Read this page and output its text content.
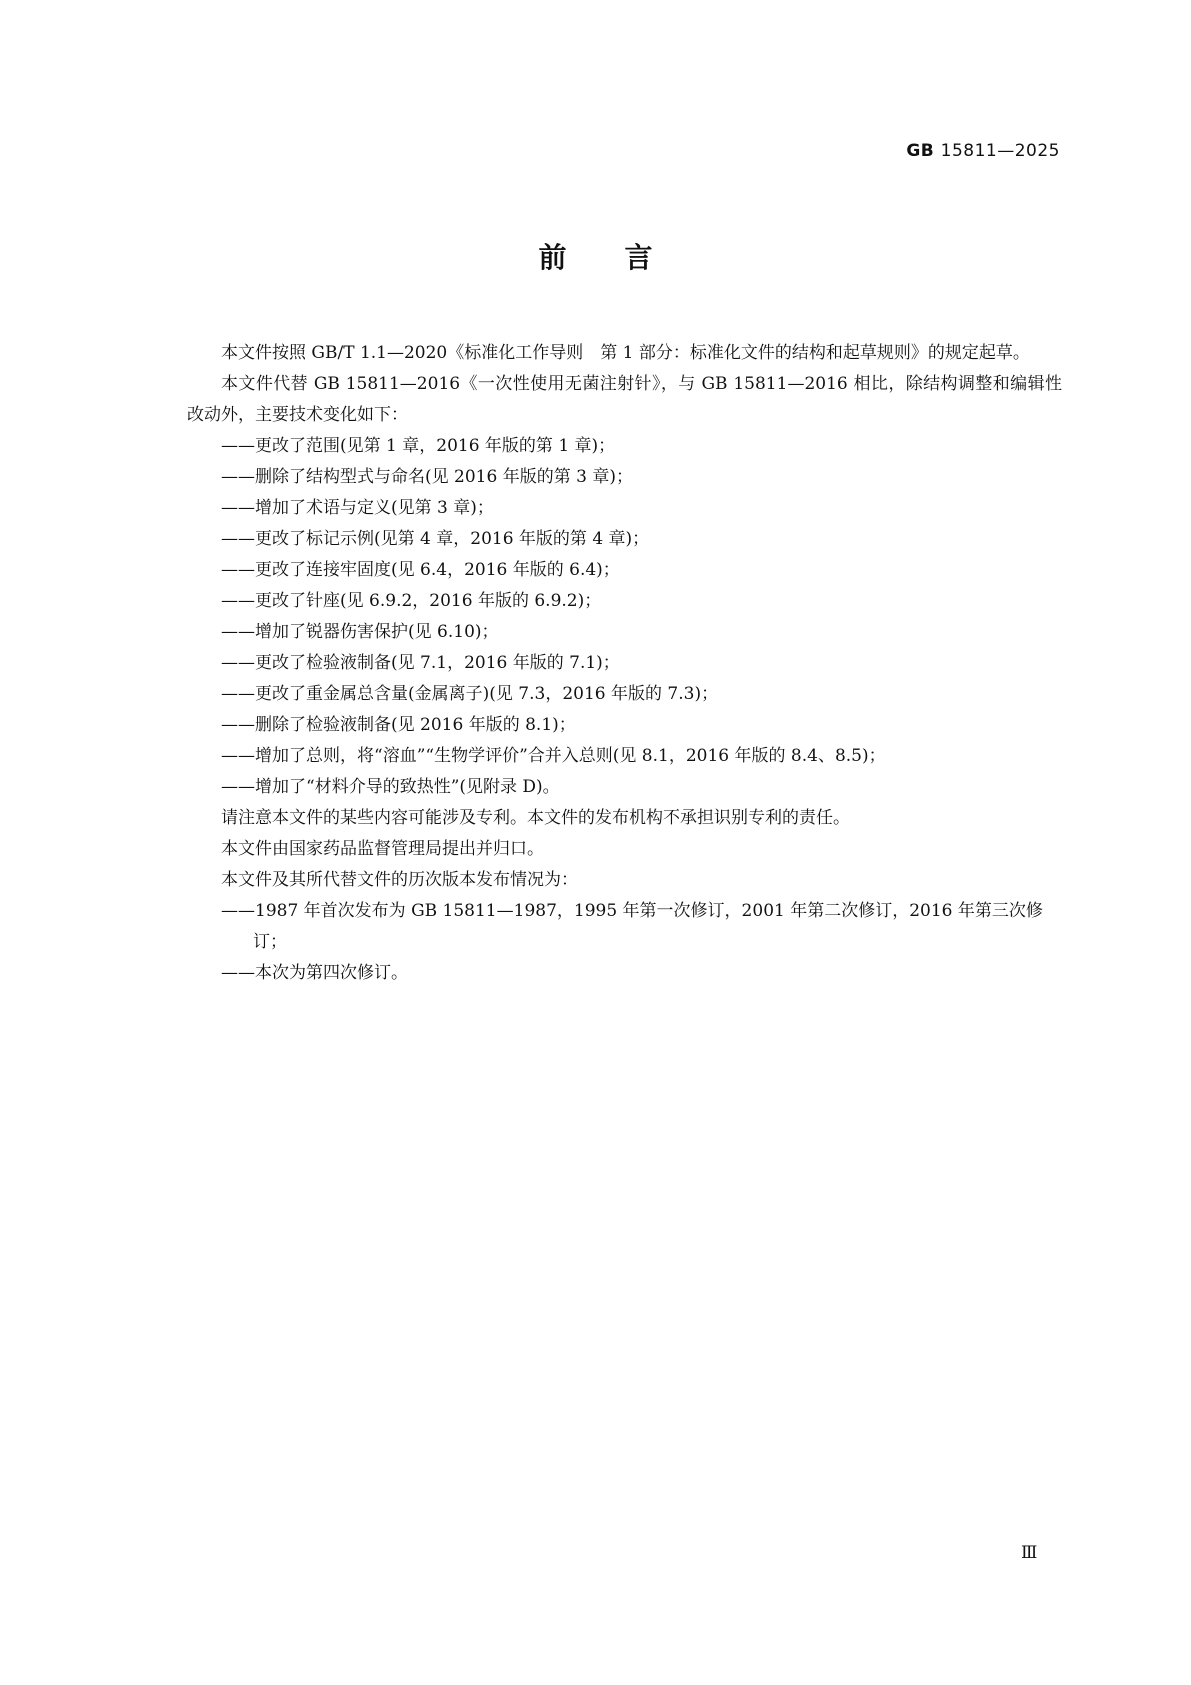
GB 15811—2025
前言

本文件按照 GB/T 1.1—2020《标准化工作导则　第 1 部分：标准化文件的结构和起草规则》的规定起草。

本文件代替 GB 15811—2016《一次性使用无菌注射针》，与 GB 15811—2016 相比，除结构调整和编辑性改动外，主要技术变化如下：

——更改了范围(见第 1 章，2016 年版的第 1 章)；

——删除了结构型式与命名(见 2016 年版的第 3 章)；

——增加了术语与定义(见第 3 章)；

——更改了标记示例(见第 4 章，2016 年版的第 4 章)；

——更改了连接牢固度(见 6.4，2016 年版的 6.4)；

——更改了针座(见 6.9.2，2016 年版的 6.9.2)；

——增加了锐器伤害保护(见 6.10)；

——更改了检验液制备(见 7.1，2016 年版的 7.1)；

——更改了重金属总含量(金属离子)(见 7.3，2016 年版的 7.3)；

——删除了检验液制备(见 2016 年版的 8.1)；

——增加了总则，将“溶血”“生物学评价”合并入总则(见 8.1，2016 年版的 8.4、8.5)；

——增加了“材料介导的致热性”(见附录 D)。

请注意本文件的某些内容可能涉及专利。本文件的发布机构不承担识别专利的责任。

本文件由国家药品监督管理局提出并归口。

本文件及其所代替文件的历次版本发布情况为：

——1987 年首次发布为 GB 15811—1987，1995 年第一次修订，2001 年第二次修订，2016 年第三次修订；

——本次为第四次修订。

Ⅲ
